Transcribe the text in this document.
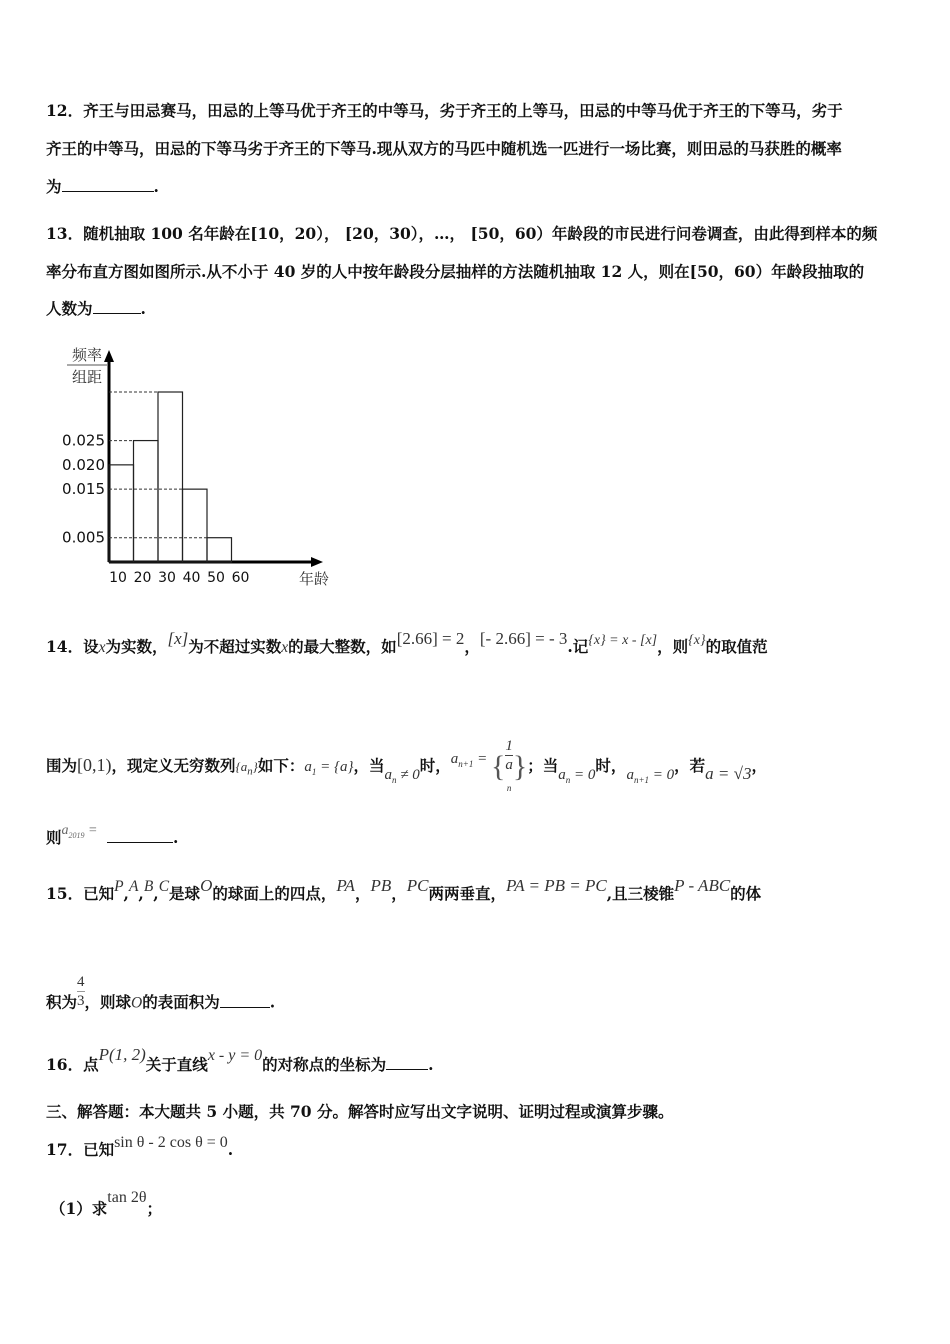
12．齐王与田忌赛马，田忌的上等马优于齐王的中等马，劣于齐王的上等马，田忌的中等马优于齐王的下等马，劣于
齐王的中等马，田忌的下等马劣于齐王的下等马.现从双方的马匹中随机选一匹进行一场比赛，则田忌的马获胜的概率
为	.
13．随机抽取 100 名年龄在[10，20）， [20，30），…， [50，60）年龄段的市民进行问卷调查，由此得到样本的频
率分布直方图如图所示.从不小于 40 岁的人中按年龄段分层抽样的方法随机抽取 12 人，则在[50，60）年龄段抽取的
人数为	.
0.025
0.020
0.015
0.005
10 20 30 40 50 60
频率
组距
年龄
14．设x为实数，[x]为不超过实数x的最大整数，如[2.66] = 2，[- 2.66] = - 3.记{x} = x - [x]，则{x}的取值范
围为[0,1)，现定义无穷数列$\{a_n\}$如下：$a_1 = \{a\}$，当$a_n \ne 0$时，$a_{n+1}$ = { 1
a
$_n$ }；当$a_n = 0$时，$a_{n+1} = 0$，若a = √3，
则$a_{2019}$ =	.
15．已知P,A,B,C是球O的球面上的四点，PA，PB，PC两两垂直，PA = PB = PC,且三棱锥P - ABC的体
积为 $\frac{4}{3}$ ，则球O的表面积为	.
16．点P(1, 2)关于直线x - y = 0的对称点的坐标为	.
三、解答题：本大题共 5 小题，共 70 分。解答时应写出文字说明、证明过程或演算步骤。
17．已知sin θ - 2 cos θ = 0.
（1）求tan 2θ；
